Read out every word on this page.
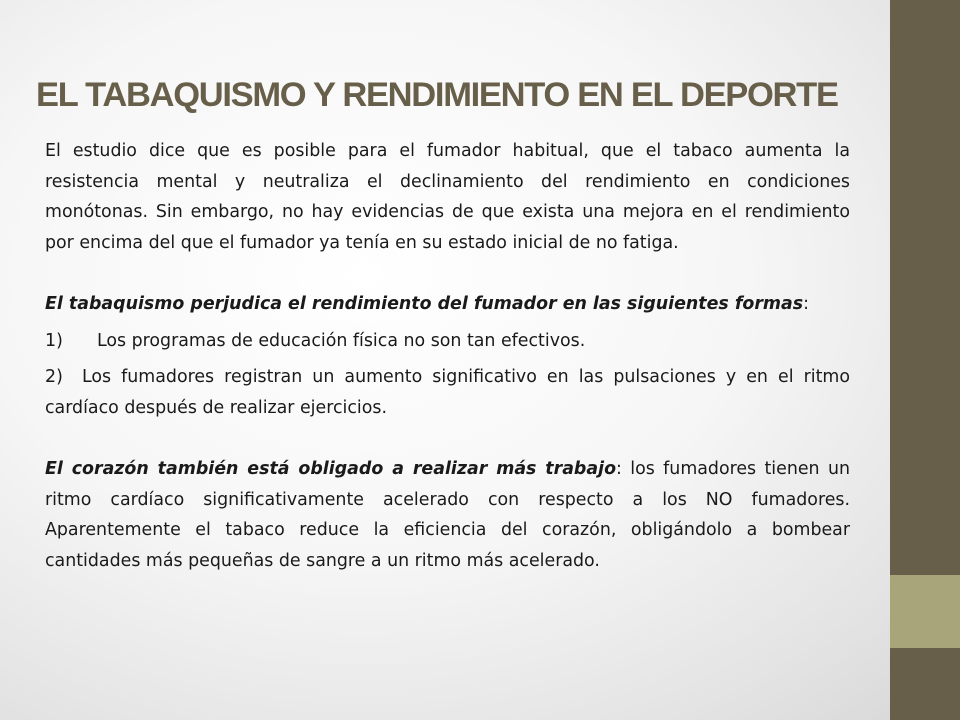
EL TABAQUISMO Y RENDIMIENTO EN EL DEPORTE

El estudio dice que es posible para el fumador habitual, que el tabaco aumenta la resistencia mental y neutraliza el declinamiento del rendimiento en condiciones monótonas. Sin embargo, no hay evidencias de que exista una mejora en el rendimiento por encima del que el fumador ya tenía en su estado inicial de no fatiga.

El tabaquismo perjudica el rendimiento del fumador en las siguientes formas:

1) Los programas de educación física no son tan efectivos.

2) Los fumadores registran un aumento significativo en las pulsaciones y en el ritmo cardíaco después de realizar ejercicios.

El corazón también está obligado a realizar más trabajo: los fumadores tienen un ritmo cardíaco significativamente acelerado con respecto a los NO fumadores. Aparentemente el tabaco reduce la eficiencia del corazón, obligándolo a bombear cantidades más pequeñas de sangre a un ritmo más acelerado.
